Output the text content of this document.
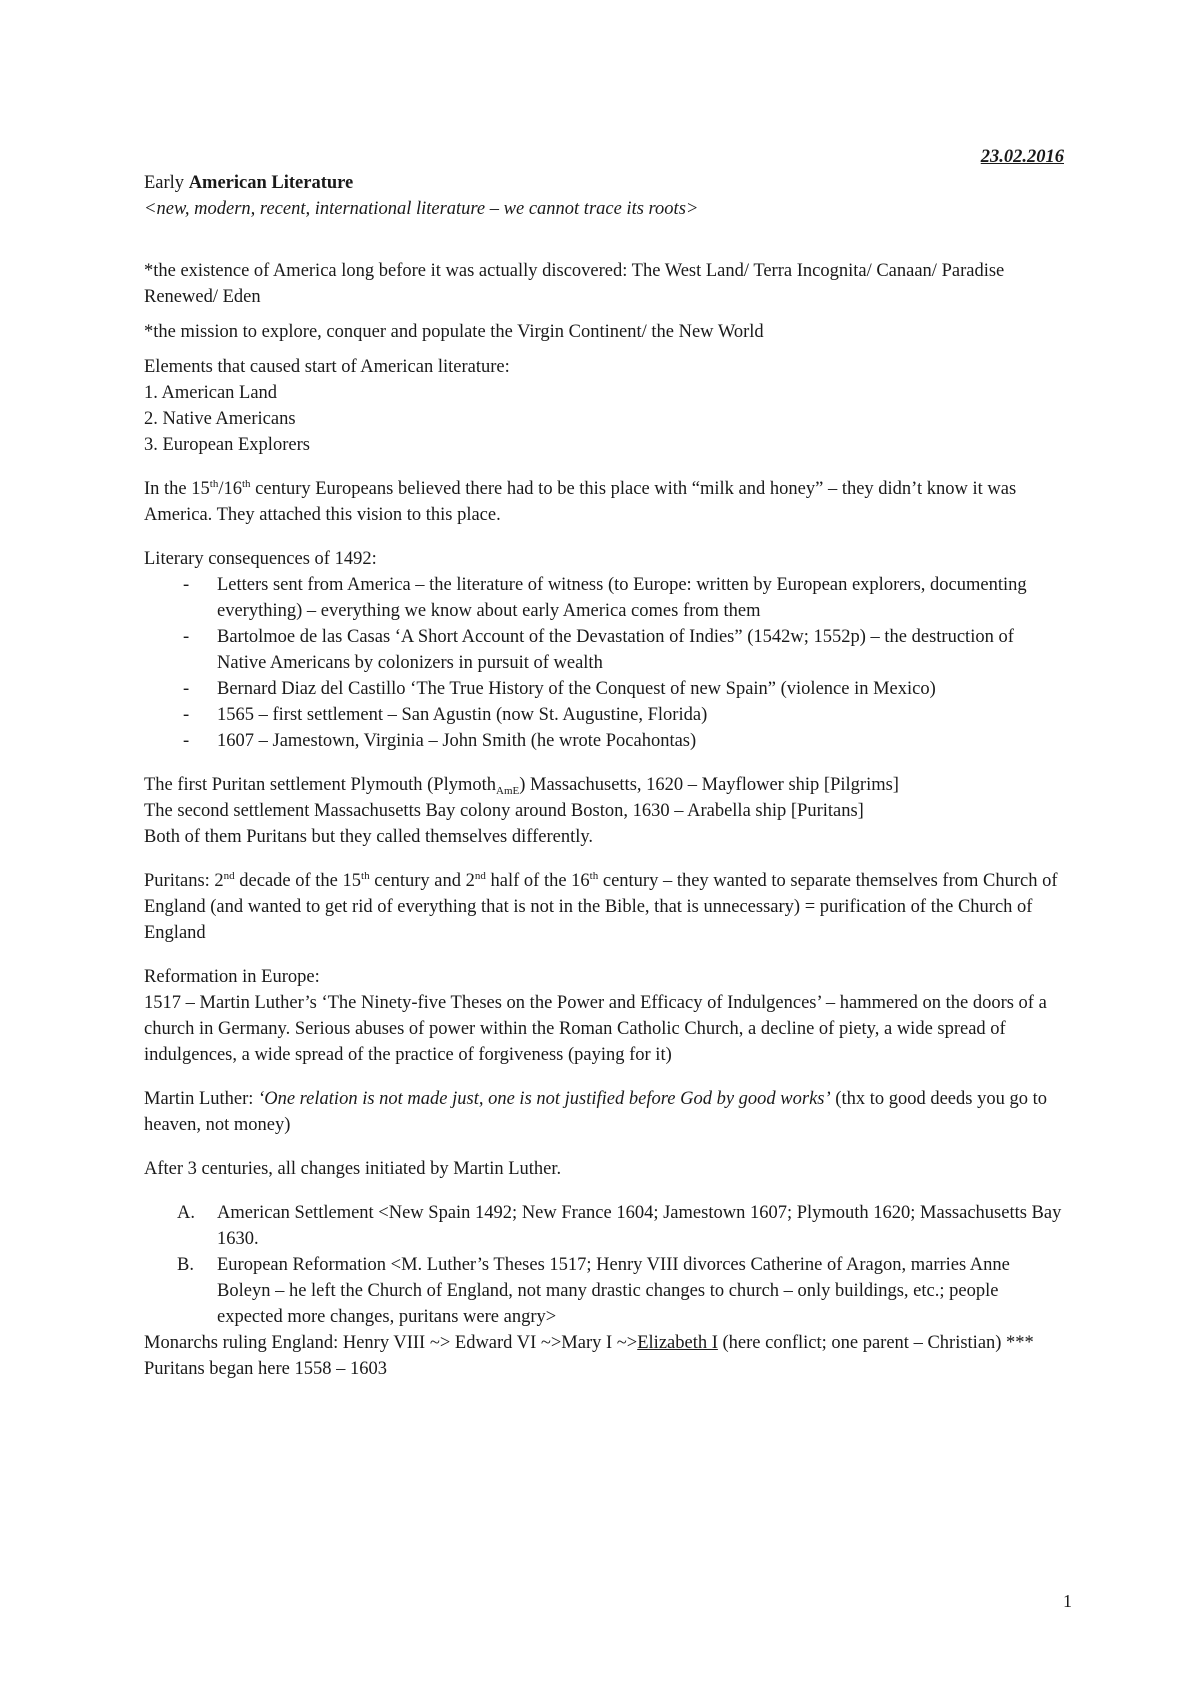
23.02.2016

Early American Literature

<new, modern, recent, international literature – we cannot trace its roots>

*the existence of America long before it was actually discovered: The West Land/ Terra Incognita/ Canaan/ Paradise Renewed/ Eden

*the mission to explore, conquer and populate the Virgin Continent/ the New World

Elements that caused start of American literature:

1. American Land

2. Native Americans

3. European Explorers

In the 15th/16th century Europeans believed there had to be this place with “milk and honey” – they didn’t know it was America. They attached this vision to this place.

Literary consequences of 1492:

- Letters sent from America – the literature of witness (to Europe: written by European explorers, documenting everything) – everything we know about early America comes from them
- Bartolmoe de las Casas ‘A Short Account of the Devastation of Indies” (1542w; 1552p) – the destruction of Native Americans by colonizers in pursuit of wealth
- Bernard Diaz del Castillo ‘The True History of the Conquest of new Spain” (violence in Mexico)
- 1565 – first settlement – San Agustin (now St. Augustine, Florida)
- 1607 – Jamestown, Virginia – John Smith (he wrote Pocahontas)

The first Puritan settlement Plymouth (Plymoth$_{AmE}$) Massachusetts, 1620 – Mayflower ship [Pilgrims]

The second settlement Massachusetts Bay colony around Boston, 1630 – Arabella ship [Puritans]

Both of them Puritans but they called themselves differently.

Puritans: 2nd decade of the 15th century and 2nd half of the 16th century – they wanted to separate themselves from Church of England (and wanted to get rid of everything that is not in the Bible, that is unnecessary) = purification of the Church of England

Reformation in Europe:

1517 – Martin Luther’s ‘The Ninety-five Theses on the Power and Efficacy of Indulgences’ – hammered on the doors of a church in Germany. Serious abuses of power within the Roman Catholic Church, a decline of piety, a wide spread of indulgences, a wide spread of the practice of forgiveness (paying for it)

Martin Luther: ‘One relation is not made just, one is not justified before God by good works’ (thx to good deeds you go to heaven, not money)

After 3 centuries, all changes initiated by Martin Luther.

A. American Settlement <New Spain 1492; New France 1604; Jamestown 1607; Plymouth 1620; Massachusetts Bay 1630.
B. European Reformation <M. Luther’s Theses 1517; Henry VIII divorces Catherine of Aragon, marries Anne Boleyn – he left the Church of England, not many drastic changes to church – only buildings, etc.; people expected more changes, puritans were angry>

Monarchs ruling England: Henry VIII ~> Edward VI ~>Mary I ~>Elizabeth I (here conflict; one parent – Christian) *** Puritans began here 1558 – 1603

1
